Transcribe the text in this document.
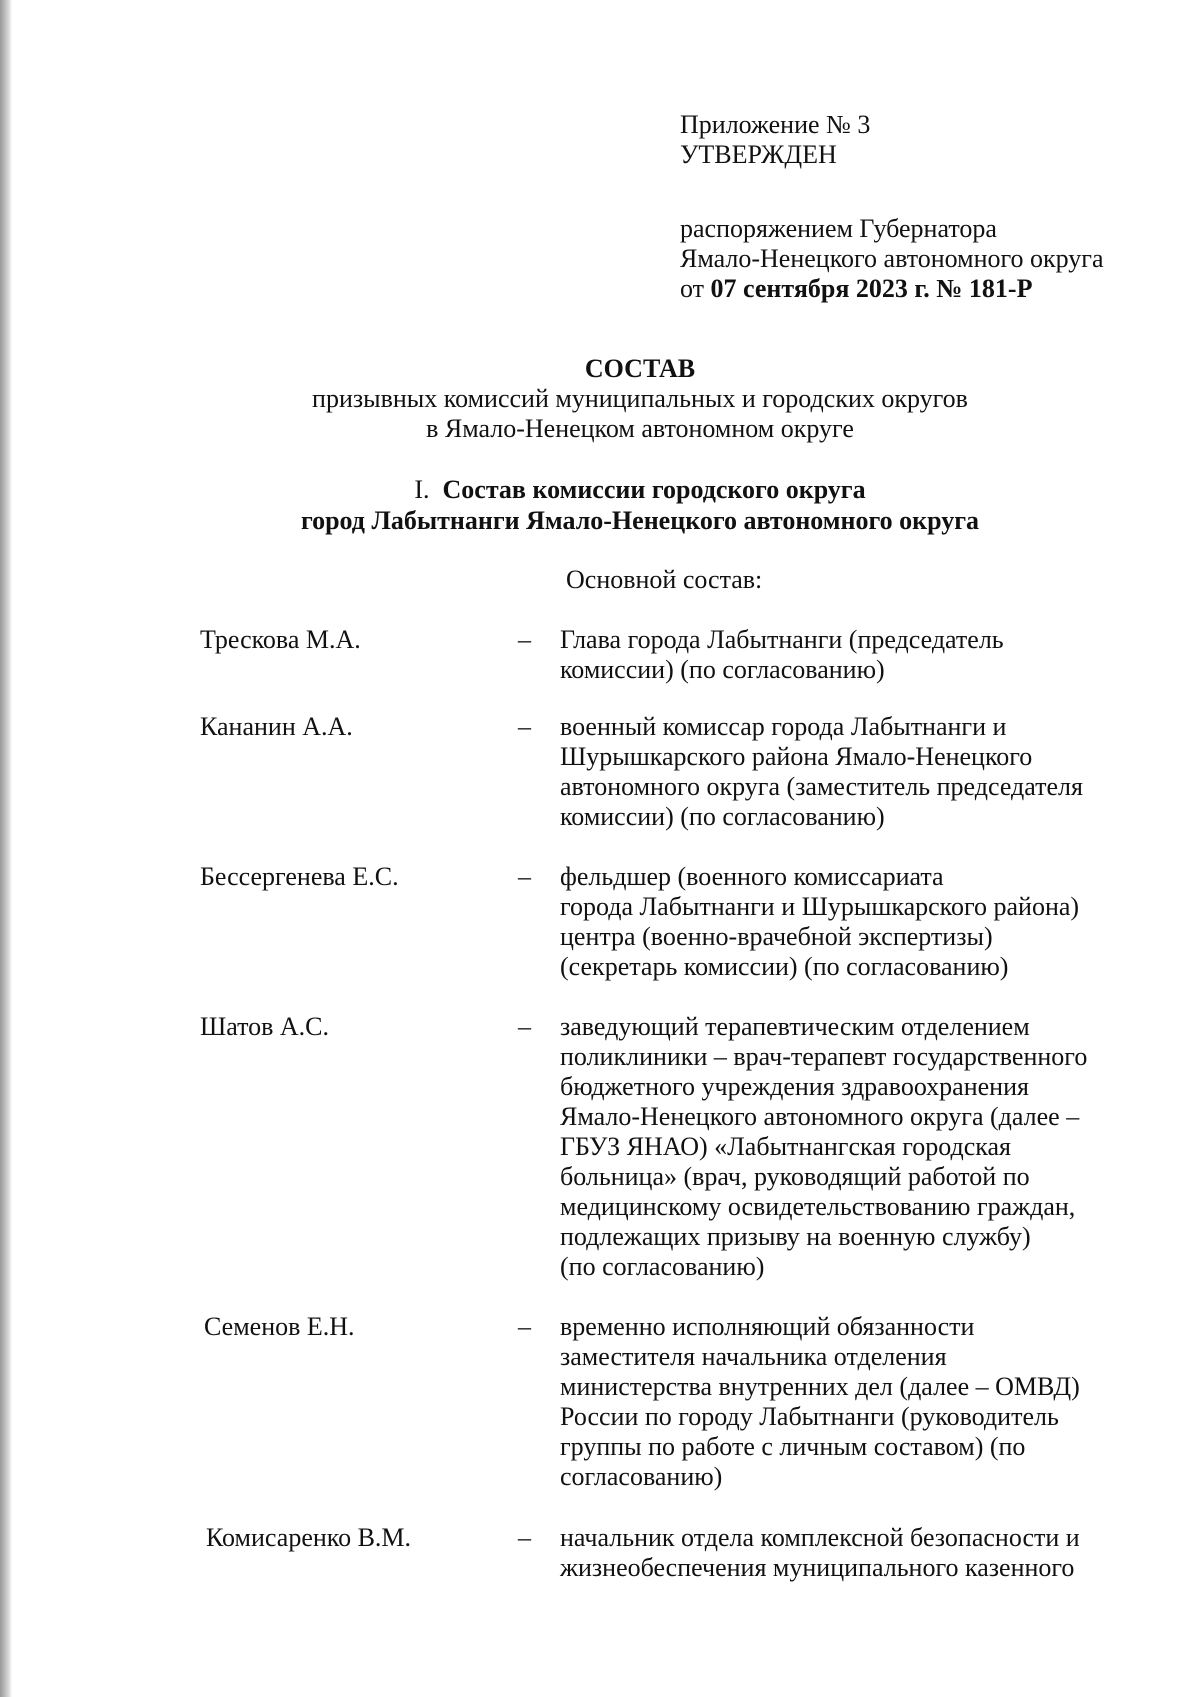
Приложение № 3
УТВЕРЖДЕН
распоряжением Губернатора
Ямало-Ненецкого автономного округа
от 07 сентября 2023 г. № 181-Р
СОСТАВ
призывных комиссий муниципальных и городских округов
в Ямало-Ненецком автономном округе
I. Состав комиссии городского округа
город Лабытнанги Ямало-Ненецкого автономного округа
Основной состав:
Трескова М.А.	– Глава города Лабытнанги (председатель
комиссии) (по согласованию)
Кананин А.А.	– военный комиссар города Лабытнанги и
Шурышкарского района Ямало-Ненецкого
автономного округа (заместитель председателя
комиссии) (по согласованию)
Бессергенева Е.С.	– фельдшер (военного комиссариата
города Лабытнанги и Шурышкарского района)
центра (военно-врачебной экспертизы)
(секретарь комиссии) (по согласованию)
Шатов А.С.	– заведующий терапевтическим отделением
поликлиники – врач-терапевт государственного
бюджетного учреждения здравоохранения
Ямало-Ненецкого автономного округа (далее –
ГБУЗ ЯНАО) «Лабытнангская городская
больница» (врач, руководящий работой по
медицинскому освидетельствованию граждан,
подлежащих призыву на военную службу)
(по согласованию)
Семенов Е.Н.	– временно исполняющий обязанности
заместителя начальника отделения
министерства внутренних дел (далее – ОМВД)
России по городу Лабытнанги (руководитель
группы по работе с личным составом) (по
согласованию)
Комисаренко В.М.	– начальник отдела комплексной безопасности и
жизнеобеспечения муниципального казенного
